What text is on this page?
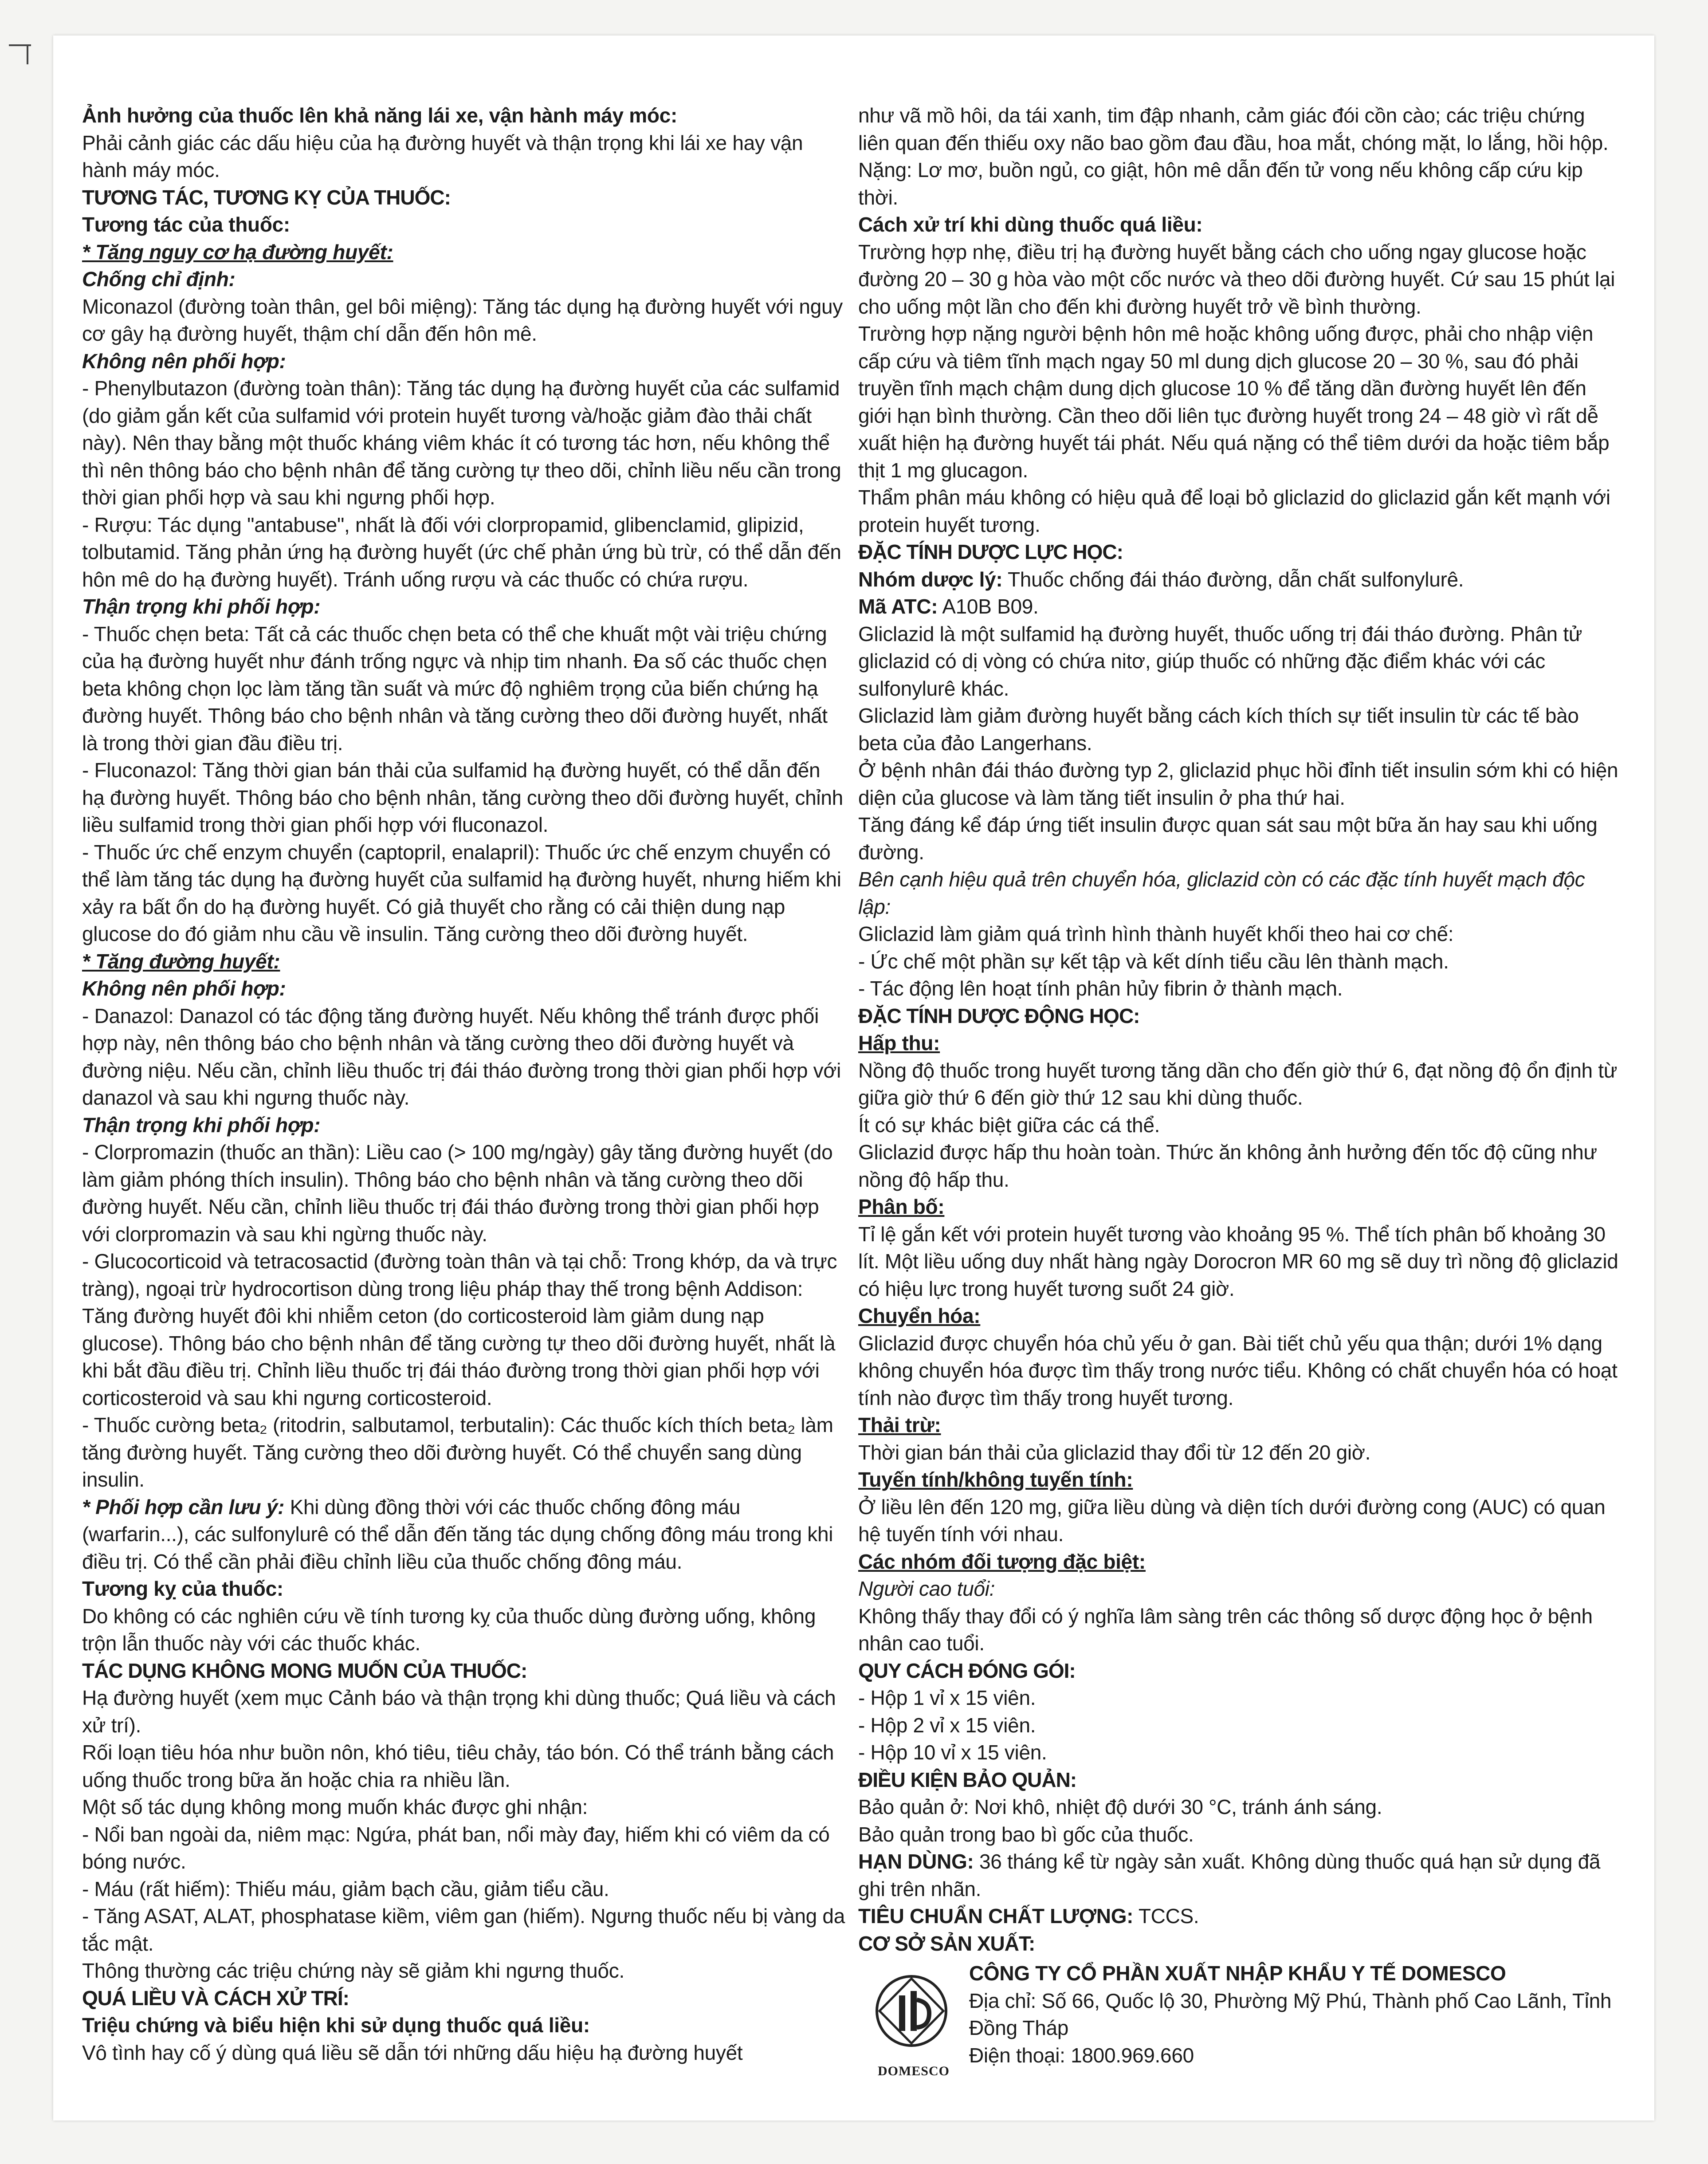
Ảnh hưởng của thuốc lên khả năng lái xe, vận hành máy móc:

Phải cảnh giác các dấu hiệu của hạ đường huyết và thận trọng khi lái xe hay vận hành máy móc.

TƯƠNG TÁC, TƯƠNG KỴ CỦA THUỐC:

Tương tác của thuốc:

* Tăng nguy cơ hạ đường huyết:

Chống chỉ định:

Miconazol (đường toàn thân, gel bôi miệng): Tăng tác dụng hạ đường huyết với nguy cơ gây hạ đường huyết, thậm chí dẫn đến hôn mê.

Không nên phối hợp:

- Phenylbutazon (đường toàn thân): Tăng tác dụng hạ đường huyết của các sulfamid (do giảm gắn kết của sulfamid với protein huyết tương và/hoặc giảm đào thải chất này). Nên thay bằng một thuốc kháng viêm khác ít có tương tác hơn, nếu không thể thì nên thông báo cho bệnh nhân để tăng cường tự theo dõi, chỉnh liều nếu cần trong thời gian phối hợp và sau khi ngưng phối hợp.

- Rượu: Tác dụng "antabuse", nhất là đối với clorpropamid, glibenclamid, glipizid, tolbutamid. Tăng phản ứng hạ đường huyết (ức chế phản ứng bù trừ, có thể dẫn đến hôn mê do hạ đường huyết). Tránh uống rượu và các thuốc có chứa rượu.

Thận trọng khi phối hợp:

- Thuốc chẹn beta: Tất cả các thuốc chẹn beta có thể che khuất một vài triệu chứng của hạ đường huyết như đánh trống ngực và nhịp tim nhanh. Đa số các thuốc chẹn beta không chọn lọc làm tăng tần suất và mức độ nghiêm trọng của biến chứng hạ đường huyết. Thông báo cho bệnh nhân và tăng cường theo dõi đường huyết, nhất là trong thời gian đầu điều trị.

- Fluconazol: Tăng thời gian bán thải của sulfamid hạ đường huyết, có thể dẫn đến hạ đường huyết. Thông báo cho bệnh nhân, tăng cường theo dõi đường huyết, chỉnh liều sulfamid trong thời gian phối hợp với fluconazol.

- Thuốc ức chế enzym chuyển (captopril, enalapril): Thuốc ức chế enzym chuyển có thể làm tăng tác dụng hạ đường huyết của sulfamid hạ đường huyết, nhưng hiếm khi xảy ra bất ổn do hạ đường huyết. Có giả thuyết cho rằng có cải thiện dung nạp glucose do đó giảm nhu cầu về insulin. Tăng cường theo dõi đường huyết.

* Tăng đường huyết:

Không nên phối hợp:

- Danazol: Danazol có tác động tăng đường huyết. Nếu không thể tránh được phối hợp này, nên thông báo cho bệnh nhân và tăng cường theo dõi đường huyết và đường niệu. Nếu cần, chỉnh liều thuốc trị đái tháo đường trong thời gian phối hợp với danazol và sau khi ngưng thuốc này.

Thận trọng khi phối hợp:

- Clorpromazin (thuốc an thần): Liều cao (> 100 mg/ngày) gây tăng đường huyết (do làm giảm phóng thích insulin). Thông báo cho bệnh nhân và tăng cường theo dõi đường huyết. Nếu cần, chỉnh liều thuốc trị đái tháo đường trong thời gian phối hợp với clorpromazin và sau khi ngừng thuốc này.

- Glucocorticoid và tetracosactid (đường toàn thân và tại chỗ: Trong khớp, da và trực tràng), ngoại trừ hydrocortison dùng trong liệu pháp thay thế trong bệnh Addison: Tăng đường huyết đôi khi nhiễm ceton (do corticosteroid làm giảm dung nạp glucose). Thông báo cho bệnh nhân để tăng cường tự theo dõi đường huyết, nhất là khi bắt đầu điều trị. Chỉnh liều thuốc trị đái tháo đường trong thời gian phối hợp với corticosteroid và sau khi ngưng corticosteroid.

- Thuốc cường beta₂ (ritodrin, salbutamol, terbutalin): Các thuốc kích thích beta₂ làm tăng đường huyết. Tăng cường theo dõi đường huyết. Có thể chuyển sang dùng insulin.

* Phối hợp cần lưu ý: Khi dùng đồng thời với các thuốc chống đông máu (warfarin...), các sulfonylurê có thể dẫn đến tăng tác dụng chống đông máu trong khi điều trị. Có thể cần phải điều chỉnh liều của thuốc chống đông máu.

Tương kỵ của thuốc:

Do không có các nghiên cứu về tính tương kỵ của thuốc dùng đường uống, không trộn lẫn thuốc này với các thuốc khác.

TÁC DỤNG KHÔNG MONG MUỐN CỦA THUỐC:

Hạ đường huyết (xem mục Cảnh báo và thận trọng khi dùng thuốc; Quá liều và cách xử trí).

Rối loạn tiêu hóa như buồn nôn, khó tiêu, tiêu chảy, táo bón. Có thể tránh bằng cách uống thuốc trong bữa ăn hoặc chia ra nhiều lần.

Một số tác dụng không mong muốn khác được ghi nhận:

- Nổi ban ngoài da, niêm mạc: Ngứa, phát ban, nổi mày đay, hiếm khi có viêm da có bóng nước.

- Máu (rất hiếm): Thiếu máu, giảm bạch cầu, giảm tiểu cầu.

- Tăng ASAT, ALAT, phosphatase kiềm, viêm gan (hiếm). Ngưng thuốc nếu bị vàng da tắc mật.

Thông thường các triệu chứng này sẽ giảm khi ngưng thuốc.

QUÁ LIỀU VÀ CÁCH XỬ TRÍ:

Triệu chứng và biểu hiện khi sử dụng thuốc quá liều:

Vô tình hay cố ý dùng quá liều sẽ dẫn tới những dấu hiệu hạ đường huyết

như vã mồ hôi, da tái xanh, tim đập nhanh, cảm giác đói cồn cào; các triệu chứng liên quan đến thiếu oxy não bao gồm đau đầu, hoa mắt, chóng mặt, lo lắng, hồi hộp. Nặng: Lơ mơ, buồn ngủ, co giật, hôn mê dẫn đến tử vong nếu không cấp cứu kịp thời.

Cách xử trí khi dùng thuốc quá liều:

Trường hợp nhẹ, điều trị hạ đường huyết bằng cách cho uống ngay glucose hoặc đường 20 – 30 g hòa vào một cốc nước và theo dõi đường huyết. Cứ sau 15 phút lại cho uống một lần cho đến khi đường huyết trở về bình thường.

Trường hợp nặng người bệnh hôn mê hoặc không uống được, phải cho nhập viện cấp cứu và tiêm tĩnh mạch ngay 50 ml dung dịch glucose 20 – 30 %, sau đó phải truyền tĩnh mạch chậm dung dịch glucose 10 % để tăng dần đường huyết lên đến giới hạn bình thường. Cần theo dõi liên tục đường huyết trong 24 – 48 giờ vì rất dễ xuất hiện hạ đường huyết tái phát. Nếu quá nặng có thể tiêm dưới da hoặc tiêm bắp thịt 1 mg glucagon.

Thẩm phân máu không có hiệu quả để loại bỏ gliclazid do gliclazid gắn kết mạnh với protein huyết tương.

ĐẶC TÍNH DƯỢC LỰC HỌC:

Nhóm dược lý: Thuốc chống đái tháo đường, dẫn chất sulfonylurê.

Mã ATC: A10B B09.

Gliclazid là một sulfamid hạ đường huyết, thuốc uống trị đái tháo đường. Phân tử gliclazid có dị vòng có chứa nitơ, giúp thuốc có những đặc điểm khác với các sulfonylurê khác.

Gliclazid làm giảm đường huyết bằng cách kích thích sự tiết insulin từ các tế bào beta của đảo Langerhans.

Ở bệnh nhân đái tháo đường typ 2, gliclazid phục hồi đỉnh tiết insulin sớm khi có hiện diện của glucose và làm tăng tiết insulin ở pha thứ hai.

Tăng đáng kể đáp ứng tiết insulin được quan sát sau một bữa ăn hay sau khi uống đường.

Bên cạnh hiệu quả trên chuyển hóa, gliclazid còn có các đặc tính huyết mạch độc lập:

Gliclazid làm giảm quá trình hình thành huyết khối theo hai cơ chế:

- Ức chế một phần sự kết tập và kết dính tiểu cầu lên thành mạch.

- Tác động lên hoạt tính phân hủy fibrin ở thành mạch.

ĐẶC TÍNH DƯỢC ĐỘNG HỌC:

Hấp thu:

Nồng độ thuốc trong huyết tương tăng dần cho đến giờ thứ 6, đạt nồng độ ổn định từ giữa giờ thứ 6 đến giờ thứ 12 sau khi dùng thuốc.

Ít có sự khác biệt giữa các cá thể.

Gliclazid được hấp thu hoàn toàn. Thức ăn không ảnh hưởng đến tốc độ cũng như nồng độ hấp thu.

Phân bố:

Tỉ lệ gắn kết với protein huyết tương vào khoảng 95 %. Thể tích phân bố khoảng 30 lít. Một liều uống duy nhất hàng ngày Dorocron MR 60 mg sẽ duy trì nồng độ gliclazid có hiệu lực trong huyết tương suốt 24 giờ.

Chuyển hóa:

Gliclazid được chuyển hóa chủ yếu ở gan. Bài tiết chủ yếu qua thận; dưới 1% dạng không chuyển hóa được tìm thấy trong nước tiểu. Không có chất chuyển hóa có hoạt tính nào được tìm thấy trong huyết tương.

Thải trừ:

Thời gian bán thải của gliclazid thay đổi từ 12 đến 20 giờ.

Tuyến tính/không tuyến tính:

Ở liều lên đến 120 mg, giữa liều dùng và diện tích dưới đường cong (AUC) có quan hệ tuyến tính với nhau.

Các nhóm đối tượng đặc biệt:

Người cao tuổi:

Không thấy thay đổi có ý nghĩa lâm sàng trên các thông số dược động học ở bệnh nhân cao tuổi.

QUY CÁCH ĐÓNG GÓI:

- Hộp 1 vỉ x 15 viên.

- Hộp 2 vỉ x 15 viên.

- Hộp 10 vỉ x 15 viên.

ĐIỀU KIỆN BẢO QUẢN:

Bảo quản ở: Nơi khô, nhiệt độ dưới 30 °C, tránh ánh sáng.

Bảo quản trong bao bì gốc của thuốc.

HẠN DÙNG: 36 tháng kể từ ngày sản xuất. Không dùng thuốc quá hạn sử dụng đã ghi trên nhãn.

TIÊU CHUẨN CHẤT LƯỢNG: TCCS.

CƠ SỞ SẢN XUẤT:

DOMESCO

CÔNG TY CỔ PHẦN XUẤT NHẬP KHẨU Y TẾ DOMESCO

Địa chỉ: Số 66, Quốc lộ 30, Phường Mỹ Phú, Thành phố Cao Lãnh, Tỉnh Đồng Tháp

Điện thoại: 1800.969.660
